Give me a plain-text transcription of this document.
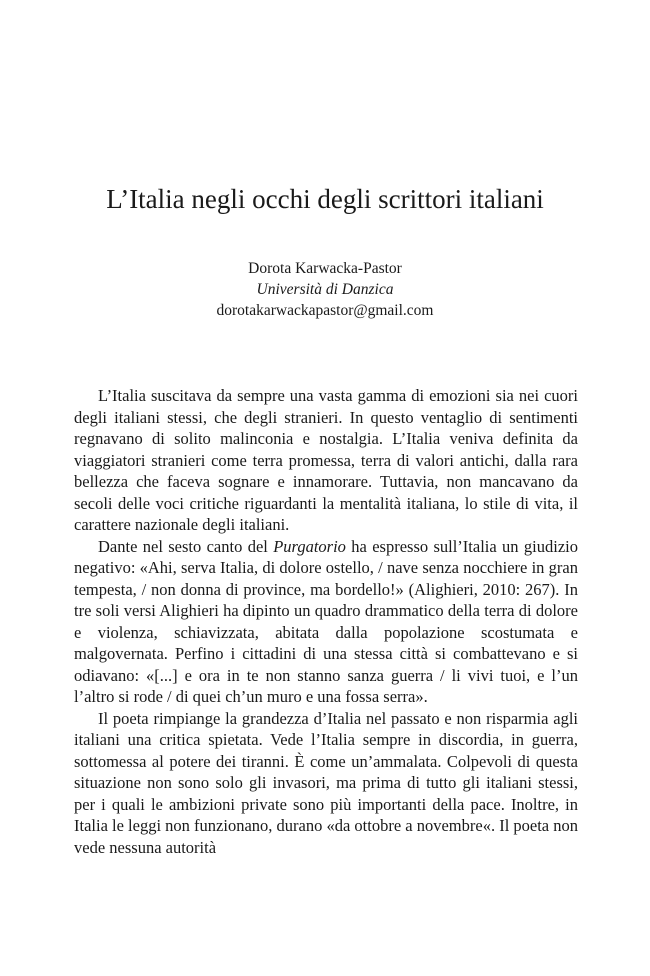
L’Italia negli occhi degli scrittori italiani
Dorota Karwacka-Pastor
Università di Danzica
dorotakarwackapastor@gmail.com

L’Italia suscitava da sempre una vasta gamma di emozioni sia nei cuori degli italiani stessi, che degli stranieri. In questo ventaglio di sentimenti regnavano di solito malinconia e nostalgia. L’Italia veniva definita da viaggiatori stranieri come terra promessa, terra di valori antichi, dalla rara bellezza che faceva sognare e innamorare. Tuttavia, non mancavano da secoli delle voci critiche riguardanti la mentalità italiana, lo stile di vita, il carattere nazionale degli italiani.

Dante nel sesto canto del Purgatorio ha espresso sull’Italia un giudizio negativo: «Ahi, serva Italia, di dolore ostello, / nave senza nocchiere in gran tempesta, / non donna di province, ma bordello!» (Alighieri, 2010: 267). In tre soli versi Alighieri ha dipinto un quadro drammatico della terra di dolore e violenza, schiavizzata, abitata dalla popolazione scostumata e malgovernata. Perfino i cittadini di una stessa città si combattevano e si odiavano: «[...] e ora in te non stanno sanza guerra / li vivi tuoi, e l’un l’altro si rode / di quei ch’un muro e una fossa serra».

Il poeta rimpiange la grandezza d’Italia nel passato e non risparmia agli italiani una critica spietata. Vede l’Italia sempre in discordia, in guerra, sottomessa al potere dei tiranni. È come un’ammalata. Colpevoli di questa situazione non sono solo gli invasori, ma prima di tutto gli italiani stessi, per i quali le ambizioni private sono più importanti della pace. Inoltre, in Italia le leggi non funzionano, durano «da ottobre a novembre«. Il poeta non vede nessuna autorità
